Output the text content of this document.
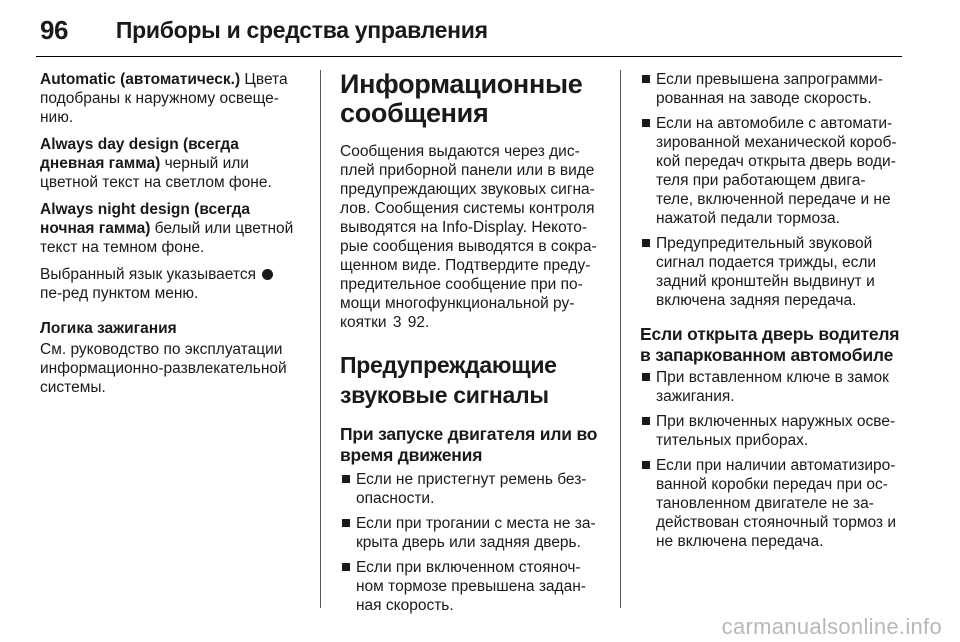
96 Приборы и средства управления

Automatic (автоматическ.) Цвета подобраны к наружному освеще-нию.

Always day design (всегда дневная гамма) черный или цветной текст на светлом фоне.

Always night design (всегда ночная гамма) белый или цветной текст на темном фоне.

Выбранный язык указывается  пе-ред пунктом меню.

Логика зажигания

См. руководство по эксплуатации информационно-развлекательной системы.

Информационные сообщения

Сообщения выдаются через дис-плей приборной панели или в виде предупреждающих звуковых сигна-лов. Сообщения системы контроля выводятся на Info-Display. Некото-рые сообщения выводятся в сокра-щенном виде. Подтвердите преду-предительное сообщение при по-мощи многофункциональной ру-коятки 3 92.

Предупреждающие звуковые сигналы

При запуске двигателя или во время движения

Если не пристегнут ремень без-опасности.
Если при трогании с места не за-крыта дверь или задняя дверь.
Если при включенном стояноч-ном тормозе превышена задан-ная скорость.
Если превышена запрограмми-рованная на заводе скорость.
Если на автомобиле с автомати-зированной механической короб-кой передач открыта дверь води-теля при работающем двига-теле, включенной передаче и не нажатой педали тормоза.
Предупредительный звуковой сигнал подается трижды, если задний кронштейн выдвинут и включена задняя передача.

Если открыта дверь водителя в запаркованном автомобиле

При вставленном ключе в замок зажигания.
При включенных наружных осве-тительных приборах.
Если при наличии автоматизиро-ванной коробки передач при ос-тановленном двигателе не за-действован стояночный тормоз и не включена передача.
carmanualsonline.info
